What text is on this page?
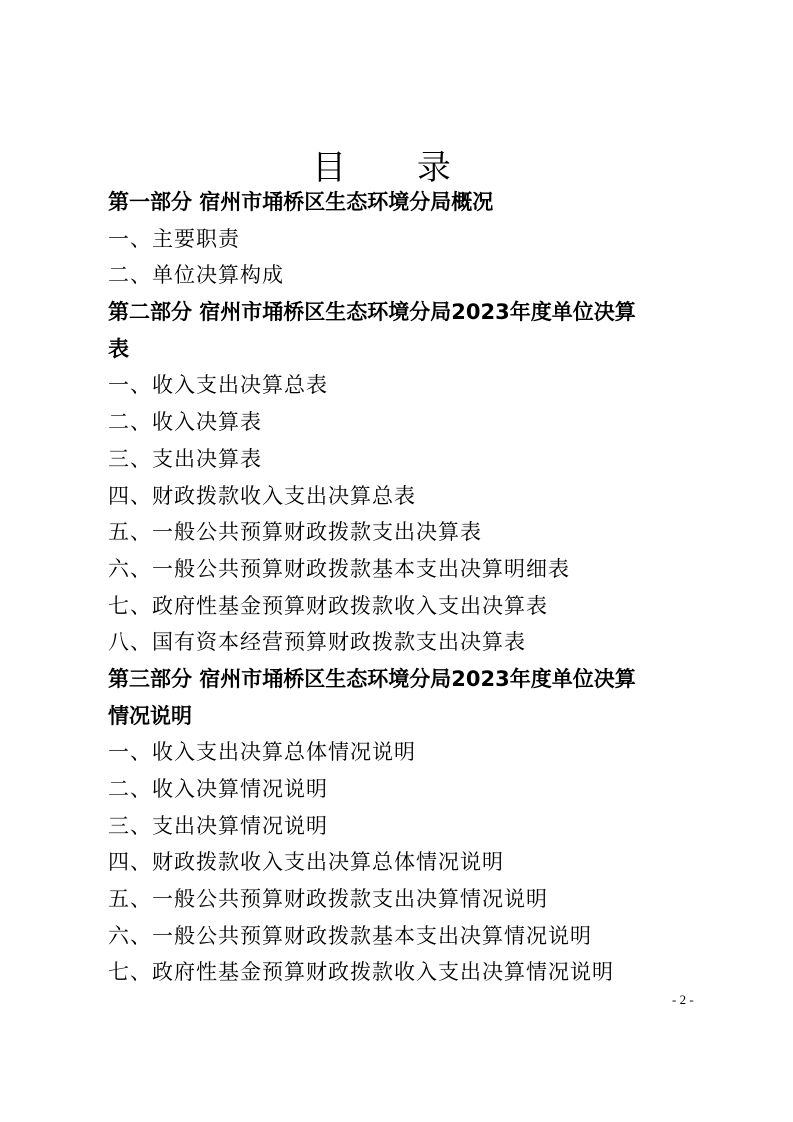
目 录
第一部分 宿州市埇桥区生态环境分局概况
一、主要职责
二、单位决算构成
第二部分 宿州市埇桥区生态环境分局2023年度单位决算
表
一、收入支出决算总表
二、收入决算表
三、支出决算表
四、财政拨款收入支出决算总表
五、一般公共预算财政拨款支出决算表
六、一般公共预算财政拨款基本支出决算明细表
七、政府性基金预算财政拨款收入支出决算表
八、国有资本经营预算财政拨款支出决算表
第三部分 宿州市埇桥区生态环境分局2023年度单位决算
情况说明
一、收入支出决算总体情况说明
二、收入决算情况说明
三、支出决算情况说明
四、财政拨款收入支出决算总体情况说明
五、一般公共预算财政拨款支出决算情况说明
六、一般公共预算财政拨款基本支出决算情况说明
七、政府性基金预算财政拨款收入支出决算情况说明
- 2 -
